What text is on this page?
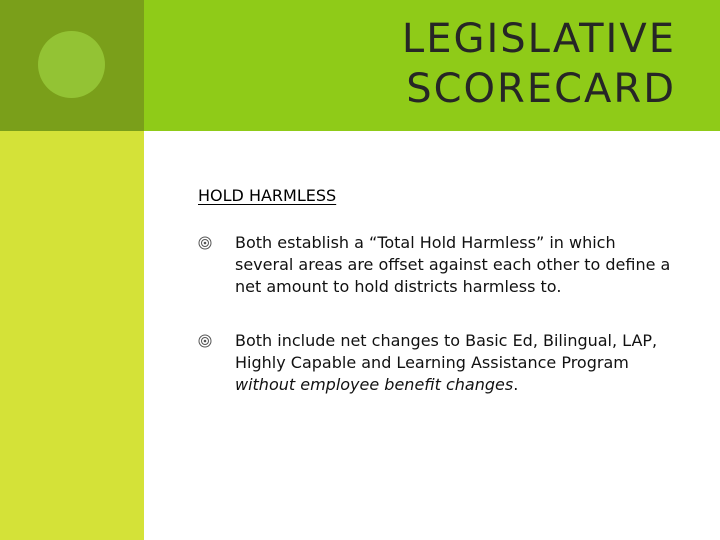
LEGISLATIVE
SCORECARD
HOLD HARMLESS
Both establish a “Total Hold Harmless” in which several areas are offset against each other to define a net amount to hold districts harmless to.
Both include net changes to Basic Ed, Bilingual, LAP, Highly Capable and Learning Assistance Program without employee benefit changes.
